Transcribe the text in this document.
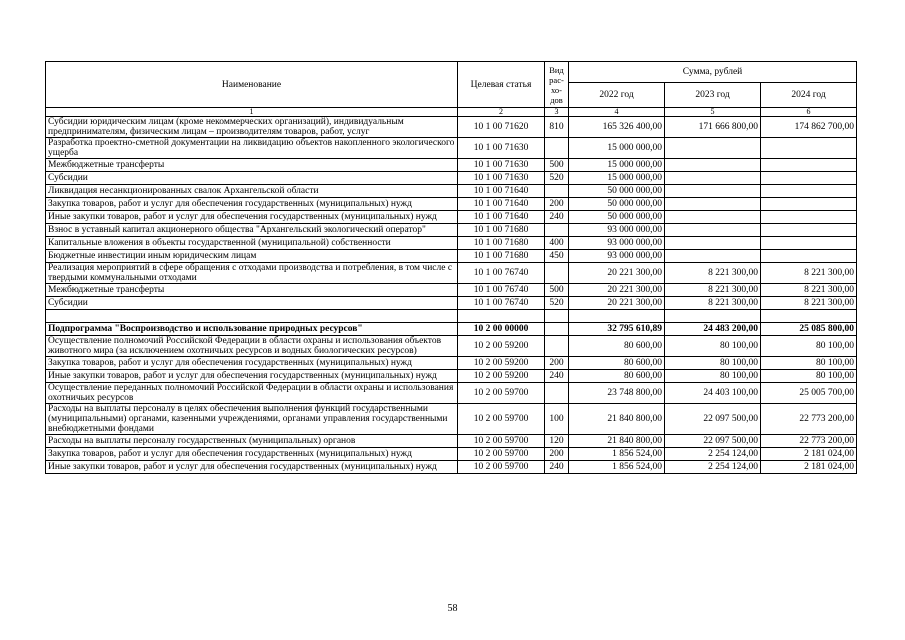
Наименование	Целевая статья	Вид рас-хо-дов	Сумма, рублей		
			2022 год	2023 год	2024 год
1	2	3	4	5	6
Субсидии юридическим лицам (кроме некоммерческих организаций), индивидуальным предпринимателям, физическим лицам – производителям товаров, работ, услуг	10 1 00 71620	810	165 326 400,00	171 666 800,00	174 862 700,00
Разработка проектно-сметной документации на ликвидацию объектов накопленного экологического ущерба	10 1 00 71630		15 000 000,00		
Межбюджетные трансферты	10 1 00 71630	500	15 000 000,00		
Субсидии	10 1 00 71630	520	15 000 000,00		
Ликвидация несанкционированных свалок Архангельской области	10 1 00 71640		50 000 000,00		
Закупка товаров, работ и услуг для обеспечения государственных (муниципальных) нужд	10 1 00 71640	200	50 000 000,00		
Иные закупки товаров, работ и услуг для обеспечения государственных (муниципальных) нужд	10 1 00 71640	240	50 000 000,00		
Взнос в уставный капитал акционерного общества "Архангельский экологический оператор"	10 1 00 71680		93 000 000,00		
Капитальные вложения в объекты государственной (муниципальной) собственности	10 1 00 71680	400	93 000 000,00		
Бюджетные инвестиции иным юридическим лицам	10 1 00 71680	450	93 000 000,00		
Реализация мероприятий в сфере обращения с отходами производства и потребления, в том числе с твердыми коммунальными отходами	10 1 00 76740		20 221 300,00	8 221 300,00	8 221 300,00
Межбюджетные трансферты	10 1 00 76740	500	20 221 300,00	8 221 300,00	8 221 300,00
Субсидии	10 1 00 76740	520	20 221 300,00	8 221 300,00	8 221 300,00

Подпрограмма "Воспроизводство и использование природных ресурсов"	10 2 00 00000		32 795 610,89	24 483 200,00	25 085 800,00
Осуществление полномочий Российской Федерации в области охраны и использования объектов животного мира (за исключением охотничьих ресурсов и водных биологических ресурсов)	10 2 00 59200		80 600,00	80 100,00	80 100,00
Закупка товаров, работ и услуг для обеспечения государственных (муниципальных) нужд	10 2 00 59200	200	80 600,00	80 100,00	80 100,00
Иные закупки товаров, работ и услуг для обеспечения государственных (муниципальных) нужд	10 2 00 59200	240	80 600,00	80 100,00	80 100,00
Осуществление переданных полномочий Российской Федерации в области охраны и использования охотничьих ресурсов	10 2 00 59700		23 748 800,00	24 403 100,00	25 005 700,00
Расходы на выплаты персоналу в целях обеспечения выполнения функций государственными (муниципальными) органами, казенными учреждениями, органами управления государственными внебюджетными фондами	10 2 00 59700	100	21 840 800,00	22 097 500,00	22 773 200,00
Расходы на выплаты персоналу государственных (муниципальных) органов	10 2 00 59700	120	21 840 800,00	22 097 500,00	22 773 200,00
Закупка товаров, работ и услуг для обеспечения государственных (муниципальных) нужд	10 2 00 59700	200	1 856 524,00	2 254 124,00	2 181 024,00
Иные закупки товаров, работ и услуг для обеспечения государственных (муниципальных) нужд	10 2 00 59700	240	1 856 524,00	2 254 124,00	2 181 024,00
58
